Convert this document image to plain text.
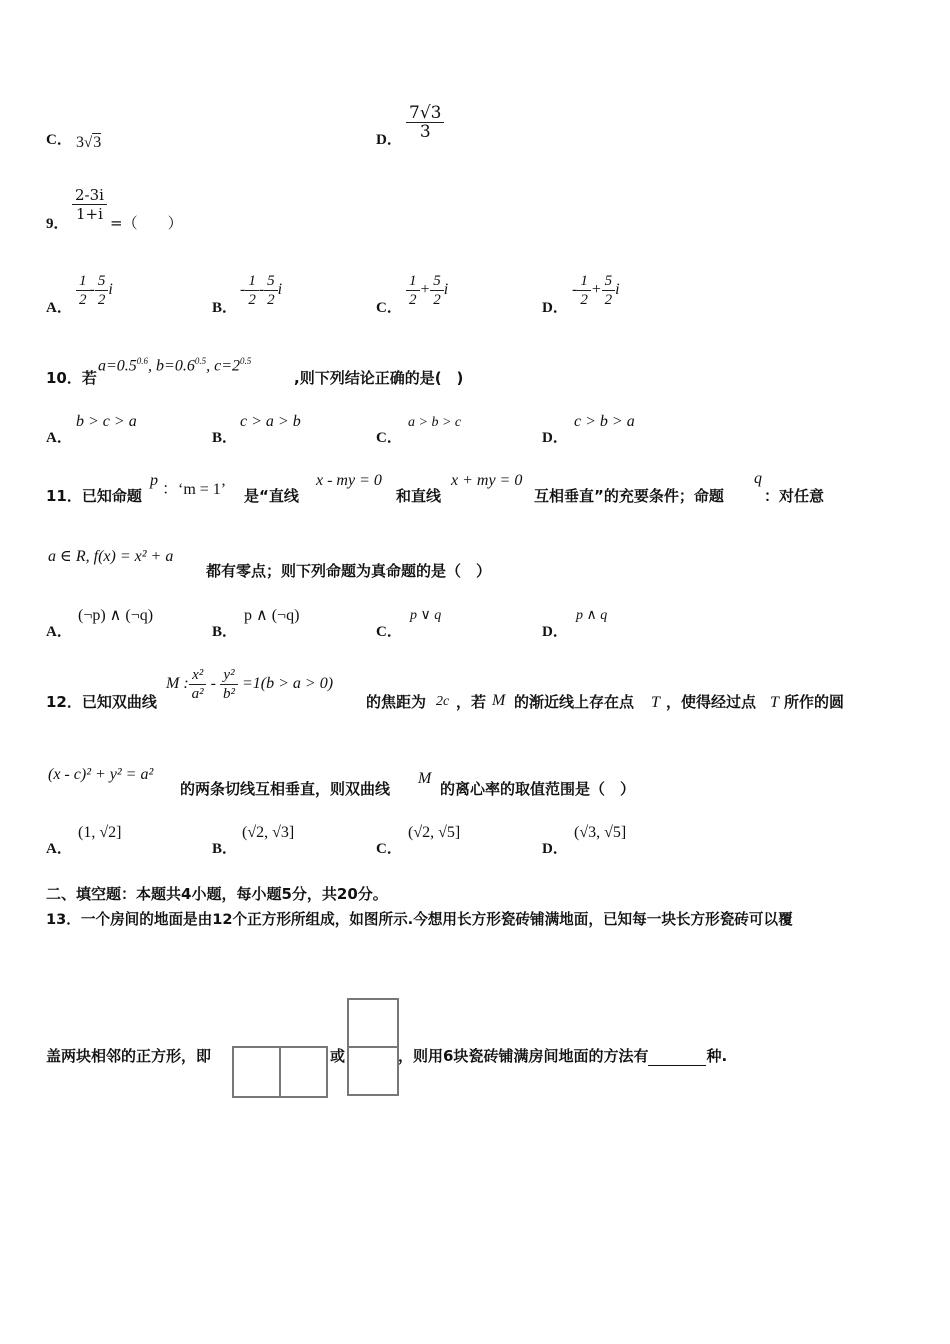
C． 3√3	D． $\frac{7√3}{3}$
9．
$\frac{2-3i}{1+i}$ =（　　）
A． $\frac{1}{2} - \frac{5}{2}$ i
B．
- $\frac{1}{2} - \frac{5}{2}$ i
C． $\frac{1}{2} + \frac{5}{2}$ i
D．
- $\frac{1}{2} + \frac{5}{2}$ i
10．若
$a=0.5^{0.6}$, $b=0.6^{0.5}$, $c=2^{0.5}$
,则下列结论正确的是(　)
A．
b > c > a
B．
c > a > b
C．
a > b > c
D．
c > b > a
11．已知命题
p
：‘m = 1’ 是“直线
x - my = 0
和直线
x + my = 0
互相垂直”的充要条件；命题
q
：对任意
a ∈ R, f(x) = x² + a
都有零点；则下列命题为真命题的是（　）
A．
(¬p) ∧ (¬q)
B．
p ∧ (¬q)
C．
p ∨ q
D．
p ∧ q
12．已知双曲线
M : $\frac{\text{x²}}{\text{a²}} - \frac{\text{y²}}{\text{b²}} =1(b > a > 0)$
的焦距为 2c ，若 M 的渐近线上存在点 T ，使得经过点 T 所作的圆
(x - c)² + y² = a²
的两条切线互相垂直，则双曲线
M
的离心率的取值范围是（　）
A．
(1, √2]
B．
(√2, √3]
C．
(√2, √5]
D．
(√3, √5]
二、填空题：本题共4小题，每小题5分，共20分。
13．一个房间的地面是由12个正方形所组成，如图所示.今想用长方形瓷砖铺满地面，已知每一块长方形瓷砖可以覆
盖两块相邻的正方形，即	或	，则用6块瓷砖铺满房间地面的方法有	种.
